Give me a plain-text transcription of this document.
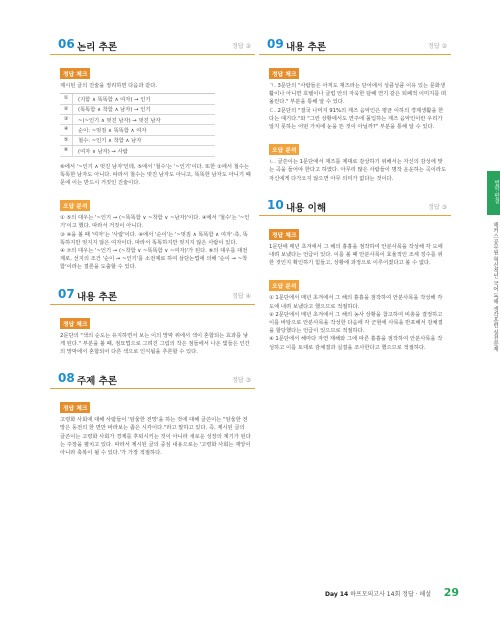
06 논리 추론	정답 ②
정답 체크
제시된 글의 진술을 정리하면 다음과 같다.
①	(지함 ∧ 똑똑함 ∧ 여자) → 인기
②	(똑똑함 ∧ 착함 ∧ 남자) → 인기
③	~(~인기 ∧ 멋진 남자) → 멋진 남자
④	순이: ~멋짐 ∧ 똑똑함 ∧ 여자
⑤	철수: ~인기 ∧ 착함 ∧ 남자
⑥	(여자 ∨ 남자) → 사람
⑥에서 '~인기 ∧ 멋진 남자'인데, ⑤에서 '철수'는 '~인기'이다. 또한 ①에서 철수는 똑똑한 남자도 아니다. 따라서 철수는 멋진 남자도 아니고, 똑똑한 남자도 아니기 때문에 이는 반드시 거짓인 진술이다.
오답 분석
① ⑤의 대우는 '~인기 → (~똑똑함 ∨ ~착함 ∨ ~남자)'이다. ④에서 '철수'는 '~인기'이고 했다. 따라서 거짓이 아니다.
③ ④을 볼 때 '여자'는 '사람'이다. ④에서 '순이'는 '~멋짐 ∧ 똑똑함 ∧ 여자'·측, 똑똑하지만 멋지지 않은 여자이다. 따라서 똑똑하지만 멋지지 않은 사람이 있다.
④ ⑦의 대우는 '~인기 → (~착함 ∨ ~똑똑함 ∨ ~여자)'가 된다. ⑥의 대우를 대전제로, 선지의 조건 '순이 → ~인기'를 소전제로 하여 삼단논법에 의해 '순이 → ~착함'이라는 결론을 도출할 수 있다.
07 내용 추론	정답 ④
정답 체크
2문단의 "색의 순도는 유지하면서 보는 이의 망막 위에서 색이 혼합되는 효과를 낳게 된다." 부분을 볼 때, 점묘법으로 그려진 그림의 작은 점들에서 나온 빛들은 인간의 망막에서 혼합되어 다른 색으로 인식됨을 추론할 수 있다.
08 주제 추론	정답 ③
정답 체크
고령화 사회에 대해 사람들이 '암울한 전망'을 하는 것에 대해 글쓴이는 "암울한 전망은 동전의 한 면만 바라보는 좁은 시각이다."라고 말하고 있다. 즉, 제시된 글의 글쓴이는 고령화 사회가 경제를 후퇴시키는 것이 아니라 새로운 성장의 계기가 된다는 주장을 펼치고 있다. 따라서 제시된 글의 중심 내용으로는 '고령화 사회는 재앙이 아니라 축복이 될 수 있다.'가 가장 적절하다.
09 내용 추론	정답 ②
정답 체크
ㄱ. 3문단의 "사람들은 아직도 재즈라는 단어에서 성큼성큼 이유 있는 문화생활이나 아니면 호텔이나 클럽 안의 자욱한 담배 연기 같은 퇴폐적 이미지를 떠올린다." 부분을 통해 알 수 있다.
ㄷ. 2문단의 "결국 나머지 91%의 재즈 음악인은 평균 이하의 경제생활을 한다는 얘기다."와 "그런 상황에서도 연주에 몰입하는 재즈 음악인이란 우리가 알지 못하는 어떤 가치에 눈을 뜬 것이 아닐까?" 부분을 통해 알 수 있다.
오답 분석
ㄴ. 글쓴이는 1문단에서 재즈를 제대로 감상하기 위해서는 자신의 감성에 맞는 곡을 들어야 한다고 하였다. 아무리 많은 사람들이 명작 운운하는 곡이라도 자신에게 다가오지 않으면 아무 의미가 없다는 것이다.
10 내용 이해	정답 ③
정답 체크
1문단에 매년 초겨에서 그 해의 흉흉을 점작하여 안분사목을 작성해 각 도에 내려 보냈다는 언급이 있다. 이를 볼 때 안분사목이 효율적인 조세 징수를 위한 것인지 확인하기 힘들고, 상황에 과정으로 이루어졌다고 볼 수 없다.
오답 분석
① 1문단에서 매년 초겨에서 그 해의 흉흉을 점작하여 안분사목을 작성해 각 도에 내려 보냈다고 했으므로 적절하다.
② 2문단에서 매년 초겨에서 그 해의 농사 상황을 참고하여 비총을 결정하고 이를 바탕으로 안분사목을 작성한 다음에 각 군현에 사목을 반포해서 감채결을 할당했다는 언급이 있으므로 적절하다.
④ 1문단에서 해마다 자연 재해와 그에 따른 흉흉을 점작하여 안분사목을 작성하고 이를 토대로 감채결과 실결을 조사한다고 했으므로 적절하다.
법학·판결
해커스공무원 혁신적인 국어 독해 생각훈련 실전문제
Day 14 하프모의고사 14회 정답 · 해설 29
